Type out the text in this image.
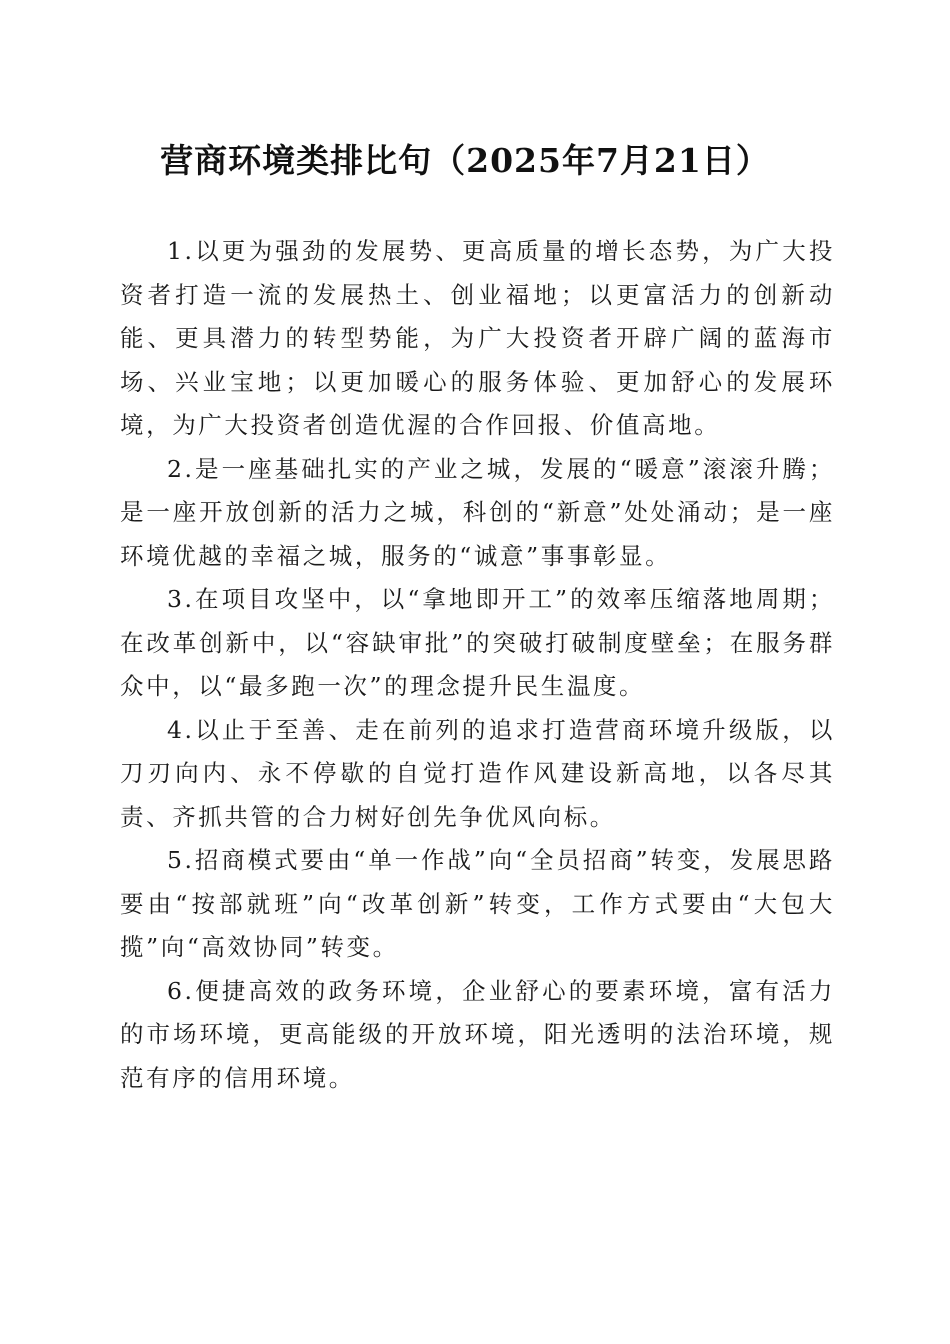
营商环境类排比句（2025年7月21日）

1.以更为强劲的发展势、更高质量的增长态势，为广大投资者打造一流的发展热土、创业福地；以更富活力的创新动能、更具潜力的转型势能，为广大投资者开辟广阔的蓝海市场、兴业宝地；以更加暖心的服务体验、更加舒心的发展环境，为广大投资者创造优渥的合作回报、价值高地。

2.是一座基础扎实的产业之城，发展的“暖意”滚滚升腾；是一座开放创新的活力之城，科创的“新意”处处涌动；是一座环境优越的幸福之城，服务的“诚意”事事彰显。

3.在项目攻坚中，以“拿地即开工”的效率压缩落地周期；在改革创新中，以“容缺审批”的突破打破制度壁垒；在服务群众中，以“最多跑一次”的理念提升民生温度。

4.以止于至善、走在前列的追求打造营商环境升级版，以刀刃向内、永不停歇的自觉打造作风建设新高地，以各尽其责、齐抓共管的合力树好创先争优风向标。

5.招商模式要由“单一作战”向“全员招商”转变，发展思路要由“按部就班”向“改革创新”转变，工作方式要由“大包大揽”向“高效协同”转变。

6.便捷高效的政务环境，企业舒心的要素环境，富有活力的市场环境，更高能级的开放环境，阳光透明的法治环境，规范有序的信用环境。
